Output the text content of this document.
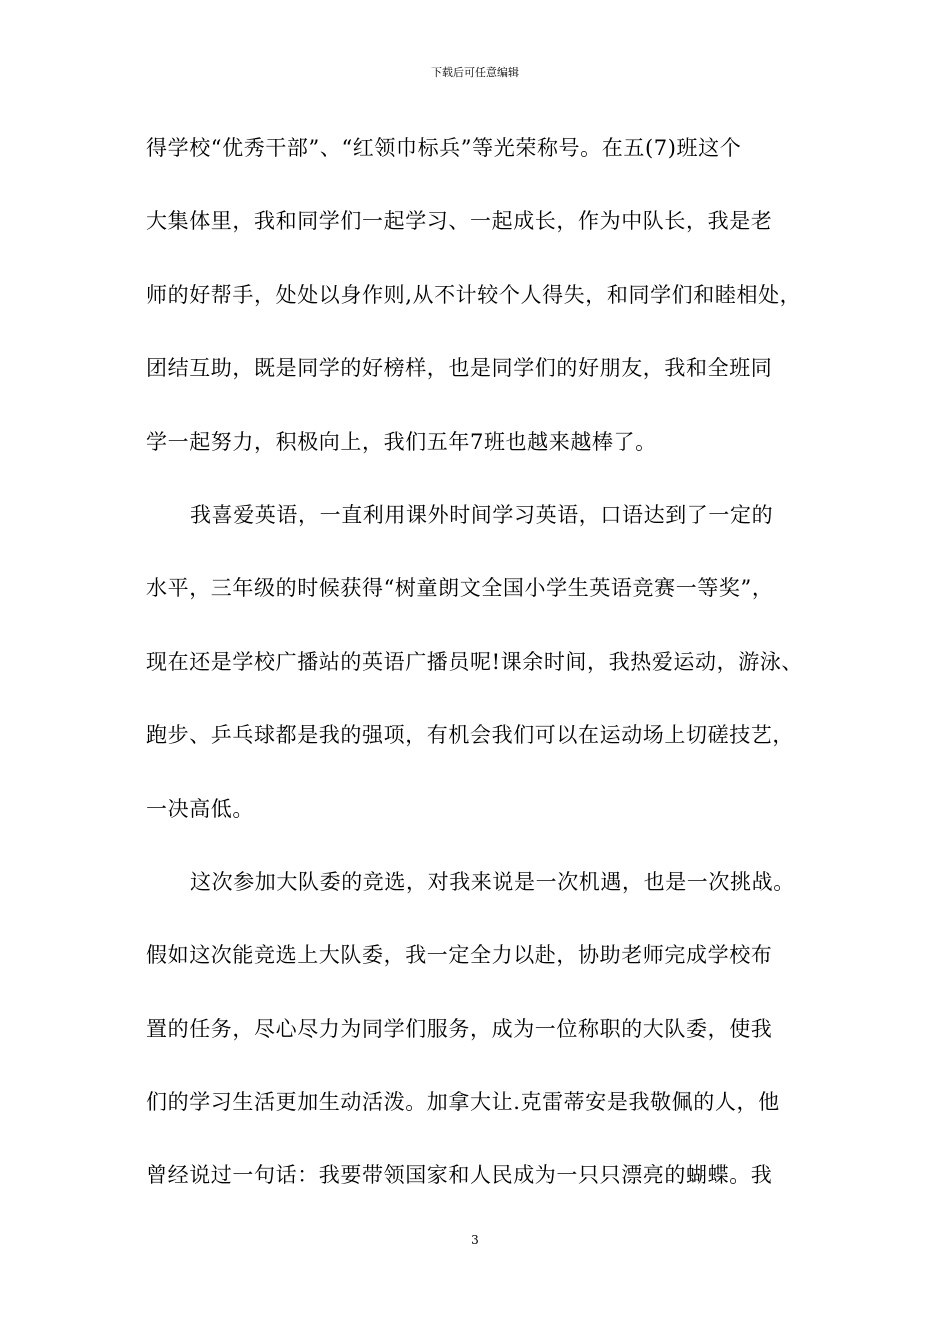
下载后可任意编辑
得学校“优秀干部”、“红领巾标兵”等光荣称号。在五(7)班这个
大集体里，我和同学们一起学习、一起成长，作为中队长，我是老
师的好帮手，处处以身作则,从不计较个人得失，和同学们和睦相处，
团结互助，既是同学的好榜样，也是同学们的好朋友，我和全班同
学一起努力，积极向上，我们五年7班也越来越棒了。
我喜爱英语，一直利用课外时间学习英语，口语达到了一定的
水平，三年级的时候获得“树童朗文全国小学生英语竞赛一等奖”，
现在还是学校广播站的英语广播员呢!课余时间，我热爱运动，游泳、
跑步、乒乓球都是我的强项，有机会我们可以在运动场上切磋技艺，
一决高低。
这次参加大队委的竞选，对我来说是一次机遇，也是一次挑战。
假如这次能竞选上大队委，我一定全力以赴，协助老师完成学校布
置的任务，尽心尽力为同学们服务，成为一位称职的大队委，使我
们的学习生活更加生动活泼。加拿大让.克雷蒂安是我敬佩的人，他
曾经说过一句话：我要带领国家和人民成为一只只漂亮的蝴蝶。我
3
